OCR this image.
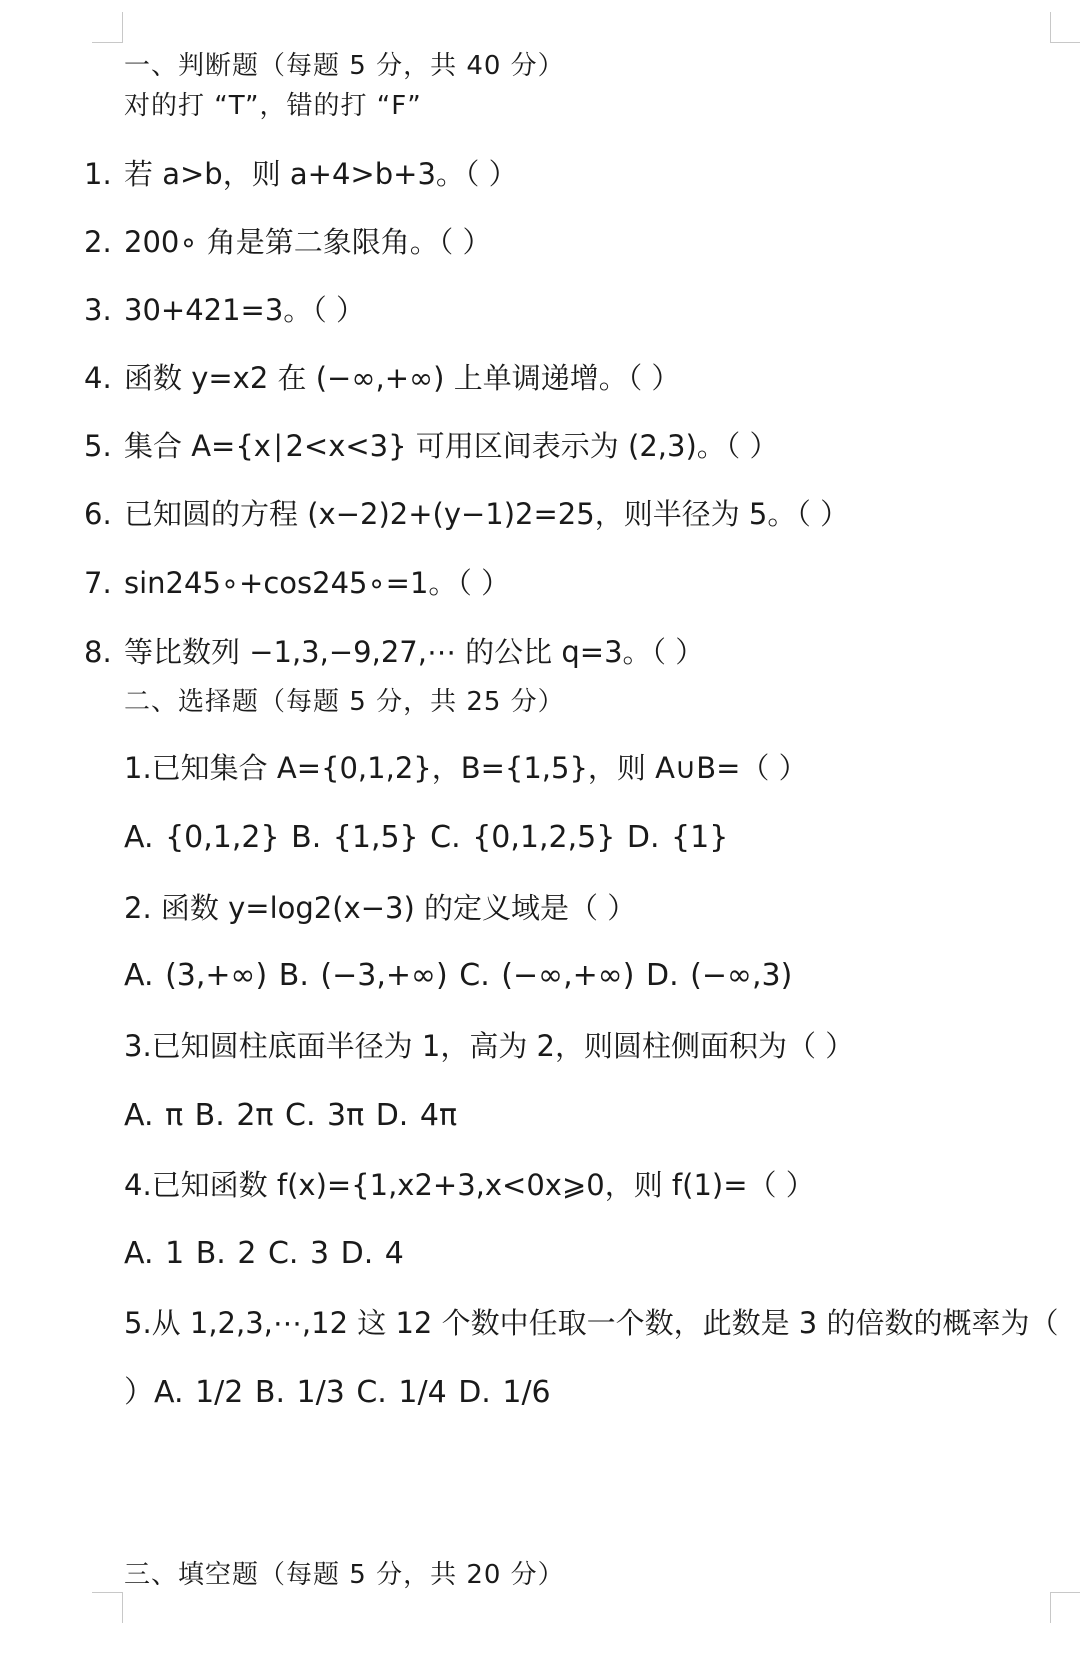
一、判断题（每题 5 分，共 40 分）
对的打 “T”，错的打 “F”
1. 若 a>b，则 a+4>b+3。（ ）
2. 200∘ 角是第二象限角。（ ）
3. 30+421=3。（ ）
4. 函数 y=x2 在 (−∞,+∞) 上单调递增。（ ）
5. 集合 A={x∣2<x<3} 可用区间表示为 (2,3)。（ ）
6. 已知圆的方程 (x−2)2+(y−1)2=25，则半径为 5。（ ）
7. sin245∘+cos245∘=1。（ ）
8. 等比数列 −1,3,−9,27,⋯ 的公比 q=3。（ ）
二、选择题（每题 5 分，共 25 分）
1.已知集合 A={0,1,2}，B={1,5}，则 A∪B=（ ）
A. {0,1,2} B. {1,5} C. {0,1,2,5} D. {1}
2. 函数 y=log2(x−3) 的定义域是（ ）
A. (3,+∞) B. (−3,+∞) C. (−∞,+∞) D. (−∞,3)
3.已知圆柱底面半径为 1，高为 2，则圆柱侧面积为（ ）
A. π B. 2π C. 3π D. 4π
4.已知函数 f(x)={1,x2+3,x<0x⩾0，则 f(1)=（ ）
A. 1 B. 2 C. 3 D. 4
5.从 1,2,3,⋯,12 这 12 个数中任取一个数，此数是 3 的倍数的概率为（
）A. 1/2 B. 1/3 C. 1/4 D. 1/6
三、填空题（每题 5 分，共 20 分）
